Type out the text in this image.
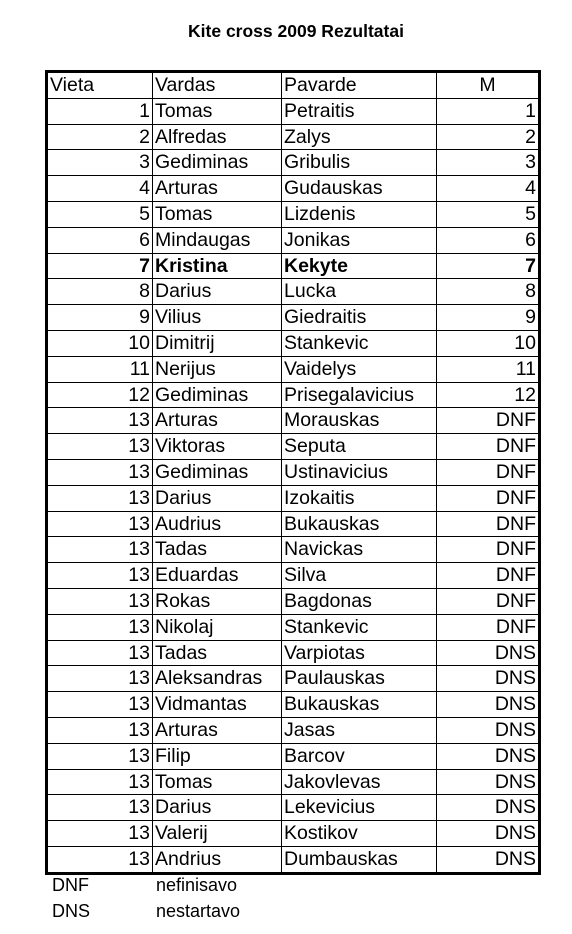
Kite cross 2009 Rezultatai
Vieta	Vardas	Pavarde	M
1	Tomas	Petraitis	1
2	Alfredas	Zalys	2
3	Gediminas	Gribulis	3
4	Arturas	Gudauskas	4
5	Tomas	Lizdenis	5
6	Mindaugas	Jonikas	6
7	Kristina	Kekyte	7
8	Darius	Lucka	8
9	Vilius	Giedraitis	9
10	Dimitrij	Stankevic	10
11	Nerijus	Vaidelys	11
12	Gediminas	Prisegalavicius	12
13	Arturas	Morauskas	DNF
13	Viktoras	Seputa	DNF
13	Gediminas	Ustinavicius	DNF
13	Darius	Izokaitis	DNF
13	Audrius	Bukauskas	DNF
13	Tadas	Navickas	DNF
13	Eduardas	Silva	DNF
13	Rokas	Bagdonas	DNF
13	Nikolaj	Stankevic	DNF
13	Tadas	Varpiotas	DNS
13	Aleksandras	Paulauskas	DNS
13	Vidmantas	Bukauskas	DNS
13	Arturas	Jasas	DNS
13	Filip	Barcov	DNS
13	Tomas	Jakovlevas	DNS
13	Darius	Lekevicius	DNS
13	Valerij	Kostikov	DNS
13	Andrius	Dumbauskas	DNS
DNF	nefinisavo
DNS	nestartavo
